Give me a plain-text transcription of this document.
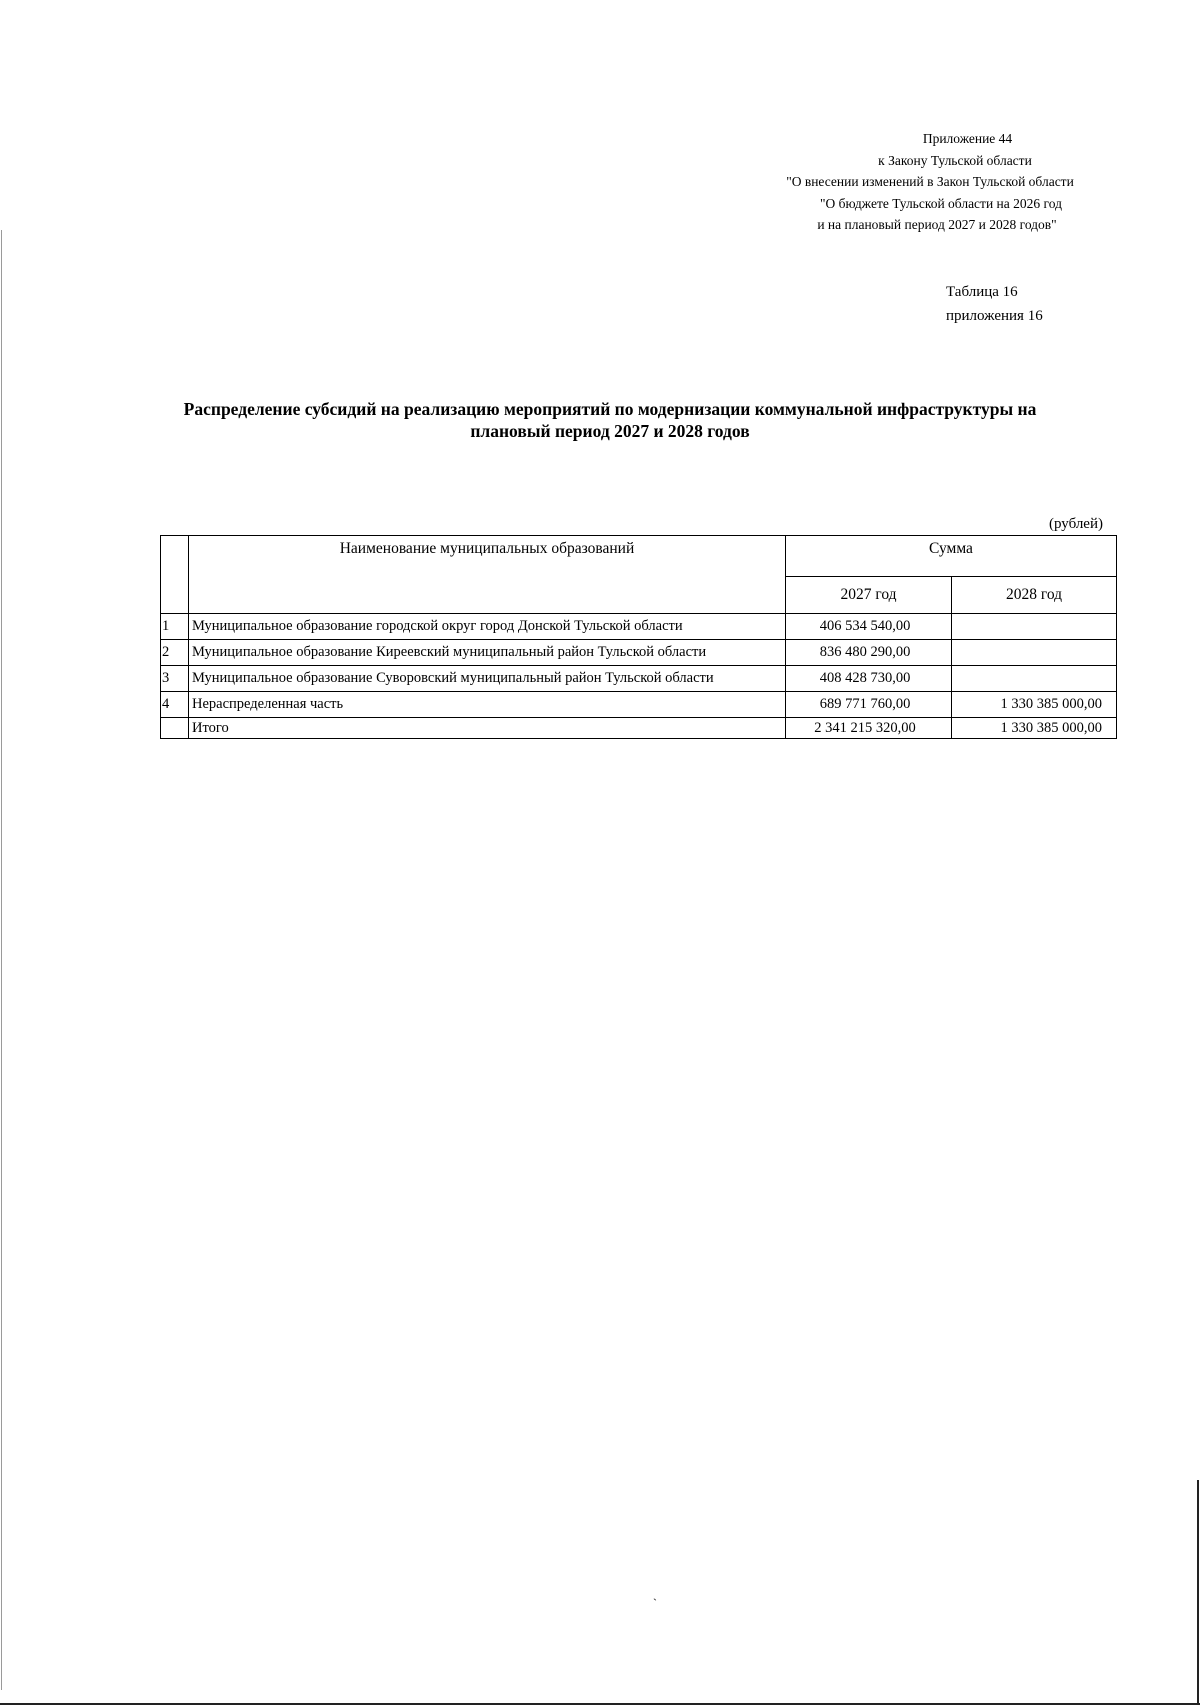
Приложение 44
к Закону Тульской области
"О внесении изменений в Закон Тульской области
"О бюджете Тульской области на 2026 год
и на плановый период 2027 и 2028 годов"
Таблица 16
приложения 16
Распределение субсидий на реализацию мероприятий по модернизации коммунальной инфраструктуры на
плановый период 2027 и 2028 годов
(рублей)
	Наименование муниципальных образований	Сумма	
		2027 год	2028 год
1	Муниципальное образование городской округ город Донской Тульской области	406 534 540,00	
2	Муниципальное образование Киреевский муниципальный район Тульской области	836 480 290,00	
3	Муниципальное образование Суворовский муниципальный район Тульской области	408 428 730,00	
4	Нераспределенная часть	689 771 760,00	1 330 385 000,00
	Итого	2 341 215 320,00	1 330 385 000,00
`
